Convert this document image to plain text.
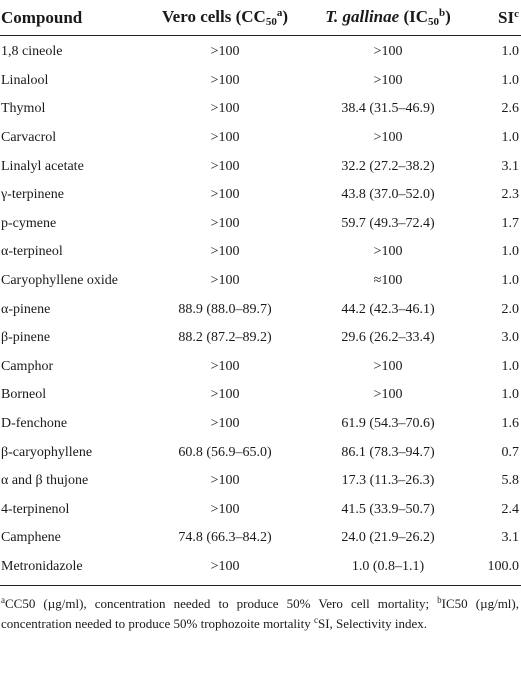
Compound	Vero cells $(CC_{50}^a)$	T. gallinae $(IC_{50}^b)$	$SI^c$
1,8 cineole	>100	>100	1.0
Linalool	>100	>100	1.0
Thymol	>100	38.4 (31.5–46.9)	2.6
Carvacrol	>100	>100	1.0
Linalyl acetate	>100	32.2 (27.2–38.2)	3.1
γ-terpinene	>100	43.8 (37.0–52.0)	2.3
p-cymene	>100	59.7 (49.3–72.4)	1.7
α-terpineol	>100	>100	1.0
Caryophyllene oxide	>100	≈100	1.0
α-pinene	88.9 (88.0–89.7)	44.2 (42.3–46.1)	2.0
β-pinene	88.2 (87.2–89.2)	29.6 (26.2–33.4)	3.0
Camphor	>100	>100	1.0
Borneol	>100	>100	1.0
D-fenchone	>100	61.9 (54.3–70.6)	1.6
β-caryophyllene	60.8 (56.9–65.0)	86.1 (78.3–94.7)	0.7
α and β thujone	>100	17.3 (11.3–26.3)	5.8
4-terpinenol	>100	41.5 (33.9–50.7)	2.4
Camphene	74.8 (66.3–84.2)	24.0 (21.9–26.2)	3.1
Metronidazole	>100	1.0 (0.8–1.1)	100.0
$^a$CC50 (µg/ml), concentration needed to produce 50% Vero cell mortality; $^b$IC50 (µg/ml), concentration needed to produce 50% trophozoite mortality $^c$SI, Selectivity index.
